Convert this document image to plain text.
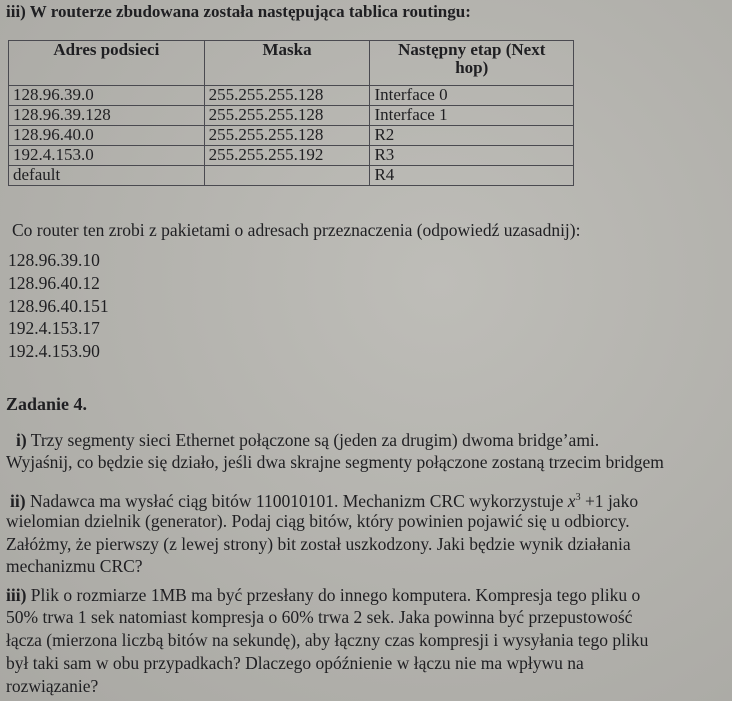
iii) W routerze zbudowana została następująca tablica routingu:
Adres podsieci	Maska	Następny etap (Next
hop)
128.96.39.0	255.255.255.128	Interface 0
128.96.39.128	255.255.255.128	Interface 1
128.96.40.0	255.255.255.128	R2
192.4.153.0	255.255.255.192	R3
default		R4
Co router ten zrobi z pakietami o adresach przeznaczenia (odpowiedź uzasadnij):
128.96.39.10
128.96.40.12
128.96.40.151
192.4.153.17
192.4.153.90
Zadanie 4.
i) Trzy segmenty sieci Ethernet połączone są (jeden za drugim) dwoma bridge’ami.
Wyjaśnij, co będzie się działo, jeśli dwa skrajne segmenty połączone zostaną trzecim bridgem
ii) Nadawca ma wysłać ciąg bitów 110010101. Mechanizm CRC wykorzystuje $x^3 +1$ jako
wielomian dzielnik (generator). Podaj ciąg bitów, który powinien pojawić się u odbiorcy.
Załóżmy, że pierwszy (z lewej strony) bit został uszkodzony. Jaki będzie wynik działania
mechanizmu CRC?
iii) Plik o rozmiarze 1MB ma być przesłany do innego komputera. Kompresja tego pliku o
50% trwa 1 sek natomiast kompresja o 60% trwa 2 sek. Jaka powinna być przepustowość
łącza (mierzona liczbą bitów na sekundę), aby łączny czas kompresji i wysyłania tego pliku
był taki sam w obu przypadkach? Dlaczego opóźnienie w łączu nie ma wpływu na
rozwiązanie?
